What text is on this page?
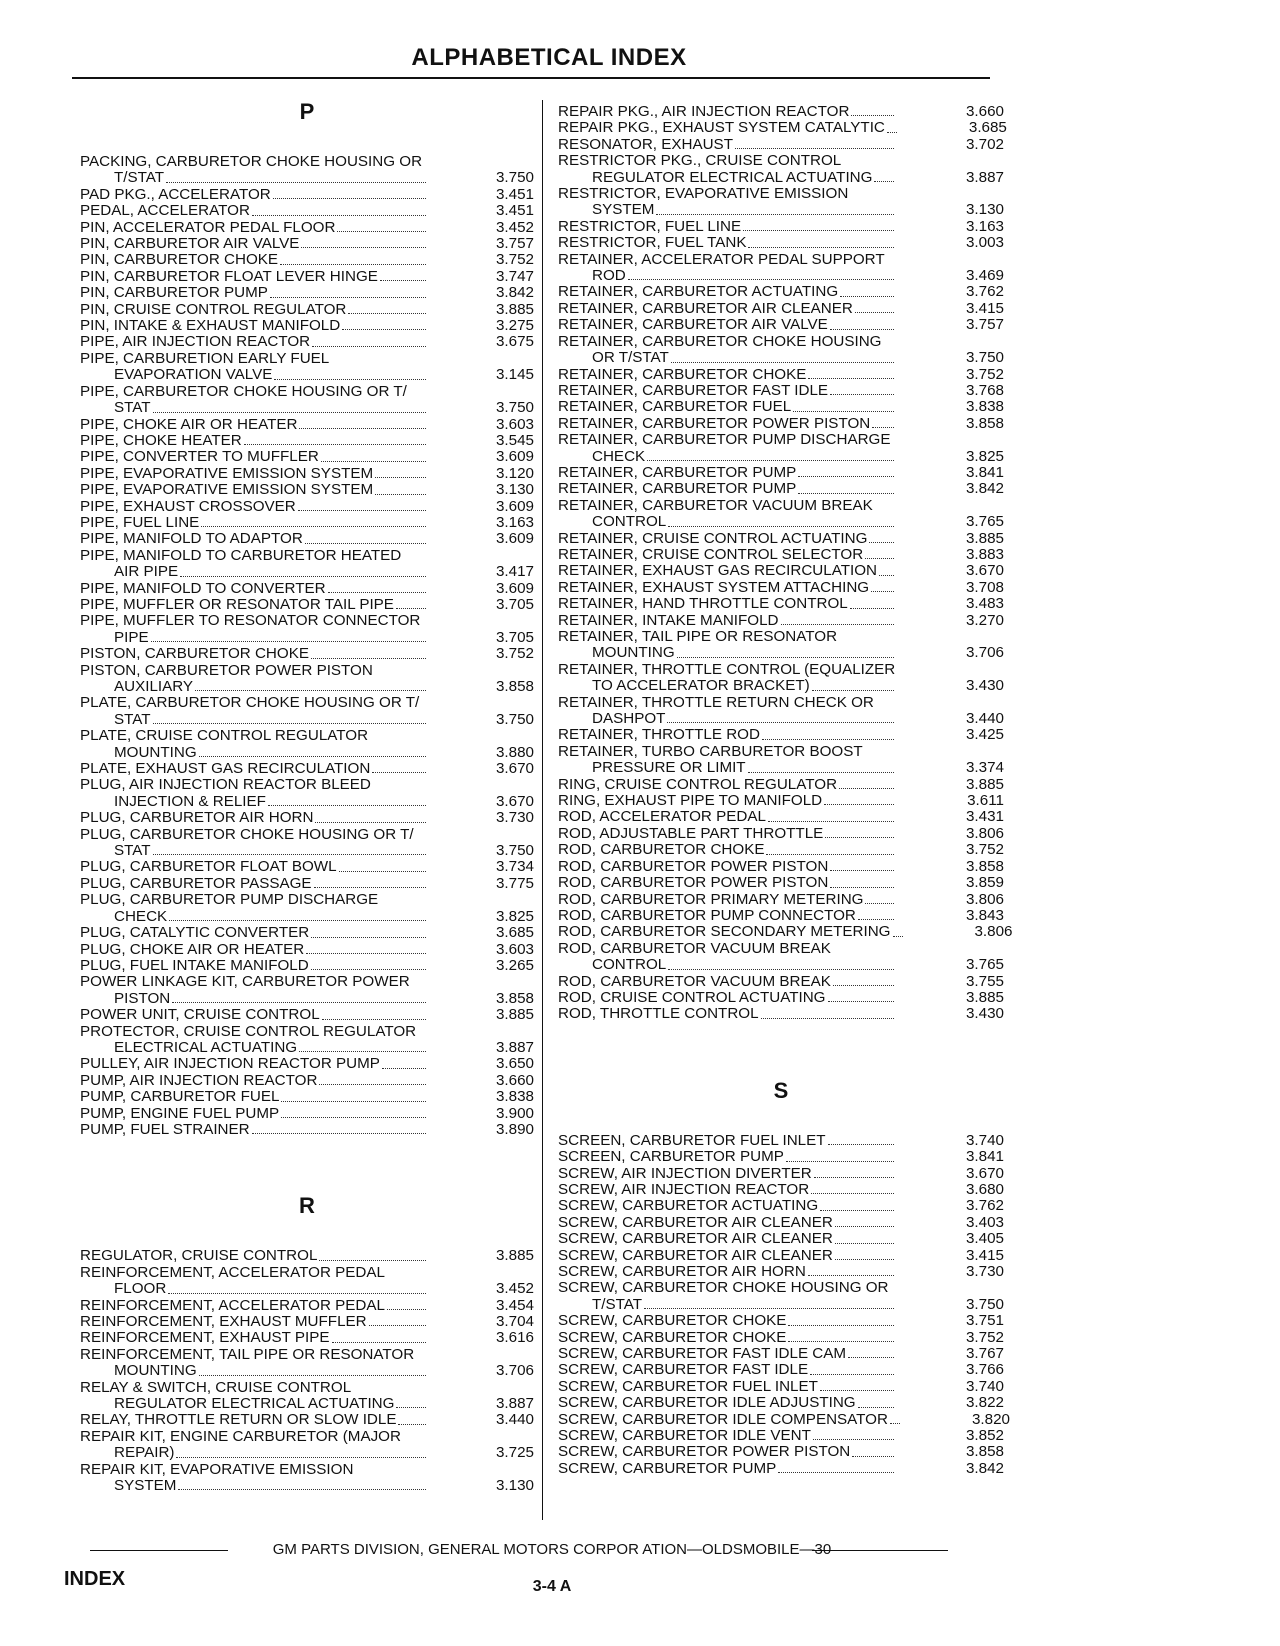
ALPHABETICAL INDEX
P
PACKING, CARBURETOR CHOKE HOUSING OR
T/STAT	3.750
PAD PKG., ACCELERATOR	3.451
PEDAL, ACCELERATOR	3.451
PIN, ACCELERATOR PEDAL FLOOR	3.452
PIN, CARBURETOR AIR VALVE	3.757
PIN, CARBURETOR CHOKE	3.752
PIN, CARBURETOR FLOAT LEVER HINGE	3.747
PIN, CARBURETOR PUMP	3.842
PIN, CRUISE CONTROL REGULATOR	3.885
PIN, INTAKE & EXHAUST MANIFOLD	3.275
PIPE, AIR INJECTION REACTOR	3.675
PIPE, CARBURETION EARLY FUEL
EVAPORATION VALVE	3.145
PIPE, CARBURETOR CHOKE HOUSING OR T/
STAT	3.750
PIPE, CHOKE AIR OR HEATER	3.603
PIPE, CHOKE HEATER	3.545
PIPE, CONVERTER TO MUFFLER	3.609
PIPE, EVAPORATIVE EMISSION SYSTEM	3.120
PIPE, EVAPORATIVE EMISSION SYSTEM	3.130
PIPE, EXHAUST CROSSOVER	3.609
PIPE, FUEL LINE	3.163
PIPE, MANIFOLD TO ADAPTOR	3.609
PIPE, MANIFOLD TO CARBURETOR HEATED
AIR PIPE	3.417
PIPE, MANIFOLD TO CONVERTER	3.609
PIPE, MUFFLER OR RESONATOR TAIL PIPE	3.705
PIPE, MUFFLER TO RESONATOR CONNECTOR
PIPE	3.705
PISTON, CARBURETOR CHOKE	3.752
PISTON, CARBURETOR POWER PISTON
AUXILIARY	3.858
PLATE, CARBURETOR CHOKE HOUSING OR T/
STAT	3.750
PLATE, CRUISE CONTROL REGULATOR
MOUNTING	3.880
PLATE, EXHAUST GAS RECIRCULATION	3.670
PLUG, AIR INJECTION REACTOR BLEED
INJECTION & RELIEF	3.670
PLUG, CARBURETOR AIR HORN	3.730
PLUG, CARBURETOR CHOKE HOUSING OR T/
STAT	3.750
PLUG, CARBURETOR FLOAT BOWL	3.734
PLUG, CARBURETOR PASSAGE	3.775
PLUG, CARBURETOR PUMP DISCHARGE
CHECK	3.825
PLUG, CATALYTIC CONVERTER	3.685
PLUG, CHOKE AIR OR HEATER	3.603
PLUG, FUEL INTAKE MANIFOLD	3.265
POWER LINKAGE KIT, CARBURETOR POWER
PISTON	3.858
POWER UNIT, CRUISE CONTROL	3.885
PROTECTOR, CRUISE CONTROL REGULATOR
ELECTRICAL ACTUATING	3.887
PULLEY, AIR INJECTION REACTOR PUMP	3.650
PUMP, AIR INJECTION REACTOR	3.660
PUMP, CARBURETOR FUEL	3.838
PUMP, ENGINE FUEL PUMP	3.900
PUMP, FUEL STRAINER	3.890
R
REGULATOR, CRUISE CONTROL	3.885
REINFORCEMENT, ACCELERATOR PEDAL
FLOOR	3.452
REINFORCEMENT, ACCELERATOR PEDAL	3.454
REINFORCEMENT, EXHAUST MUFFLER	3.704
REINFORCEMENT, EXHAUST PIPE	3.616
REINFORCEMENT, TAIL PIPE OR RESONATOR
MOUNTING	3.706
RELAY & SWITCH, CRUISE CONTROL
REGULATOR ELECTRICAL ACTUATING	3.887
RELAY, THROTTLE RETURN OR SLOW IDLE	3.440
REPAIR KIT, ENGINE CARBURETOR (MAJOR
REPAIR)	3.725
REPAIR KIT, EVAPORATIVE EMISSION
SYSTEM	3.130
REPAIR PKG., AIR INJECTION REACTOR	3.660
REPAIR PKG., EXHAUST SYSTEM CATALYTIC	3.685
RESONATOR, EXHAUST	3.702
RESTRICTOR PKG., CRUISE CONTROL
REGULATOR ELECTRICAL ACTUATING	3.887
RESTRICTOR, EVAPORATIVE EMISSION
SYSTEM	3.130
RESTRICTOR, FUEL LINE	3.163
RESTRICTOR, FUEL TANK	3.003
RETAINER, ACCELERATOR PEDAL SUPPORT
ROD	3.469
RETAINER, CARBURETOR ACTUATING	3.762
RETAINER, CARBURETOR AIR CLEANER	3.415
RETAINER, CARBURETOR AIR VALVE	3.757
RETAINER, CARBURETOR CHOKE HOUSING
OR T/STAT	3.750
RETAINER, CARBURETOR CHOKE	3.752
RETAINER, CARBURETOR FAST IDLE	3.768
RETAINER, CARBURETOR FUEL	3.838
RETAINER, CARBURETOR POWER PISTON	3.858
RETAINER, CARBURETOR PUMP DISCHARGE
CHECK	3.825
RETAINER, CARBURETOR PUMP	3.841
RETAINER, CARBURETOR PUMP	3.842
RETAINER, CARBURETOR VACUUM BREAK
CONTROL	3.765
RETAINER, CRUISE CONTROL ACTUATING	3.885
RETAINER, CRUISE CONTROL SELECTOR	3.883
RETAINER, EXHAUST GAS RECIRCULATION	3.670
RETAINER, EXHAUST SYSTEM ATTACHING	3.708
RETAINER, HAND THROTTLE CONTROL	3.483
RETAINER, INTAKE MANIFOLD	3.270
RETAINER, TAIL PIPE OR RESONATOR
MOUNTING	3.706
RETAINER, THROTTLE CONTROL (EQUALIZER
TO ACCELERATOR BRACKET)	3.430
RETAINER, THROTTLE RETURN CHECK OR
DASHPOT	3.440
RETAINER, THROTTLE ROD	3.425
RETAINER, TURBO CARBURETOR BOOST
PRESSURE OR LIMIT	3.374
RING, CRUISE CONTROL REGULATOR	3.885
RING, EXHAUST PIPE TO MANIFOLD	3.611
ROD, ACCELERATOR PEDAL	3.431
ROD, ADJUSTABLE PART THROTTLE	3.806
ROD, CARBURETOR CHOKE	3.752
ROD, CARBURETOR POWER PISTON	3.858
ROD, CARBURETOR POWER PISTON	3.859
ROD, CARBURETOR PRIMARY METERING	3.806
ROD, CARBURETOR PUMP CONNECTOR	3.843
ROD, CARBURETOR SECONDARY METERING	3.806
ROD, CARBURETOR VACUUM BREAK
CONTROL	3.765
ROD, CARBURETOR VACUUM BREAK	3.755
ROD, CRUISE CONTROL ACTUATING	3.885
ROD, THROTTLE CONTROL	3.430
S
SCREEN, CARBURETOR FUEL INLET	3.740
SCREEN, CARBURETOR PUMP	3.841
SCREW, AIR INJECTION DIVERTER	3.670
SCREW, AIR INJECTION REACTOR	3.680
SCREW, CARBURETOR ACTUATING	3.762
SCREW, CARBURETOR AIR CLEANER	3.403
SCREW, CARBURETOR AIR CLEANER	3.405
SCREW, CARBURETOR AIR CLEANER	3.415
SCREW, CARBURETOR AIR HORN	3.730
SCREW, CARBURETOR CHOKE HOUSING OR
T/STAT	3.750
SCREW, CARBURETOR CHOKE	3.751
SCREW, CARBURETOR CHOKE	3.752
SCREW, CARBURETOR FAST IDLE CAM	3.767
SCREW, CARBURETOR FAST IDLE	3.766
SCREW, CARBURETOR FUEL INLET	3.740
SCREW, CARBURETOR IDLE ADJUSTING	3.822
SCREW, CARBURETOR IDLE COMPENSATOR	3.820
SCREW, CARBURETOR IDLE VENT	3.852
SCREW, CARBURETOR POWER PISTON	3.858
SCREW, CARBURETOR PUMP	3.842
GM PARTS DIVISION, GENERAL MOTORS CORPOR ATION—OLDSMOBILE—30
INDEX	3-4 A
